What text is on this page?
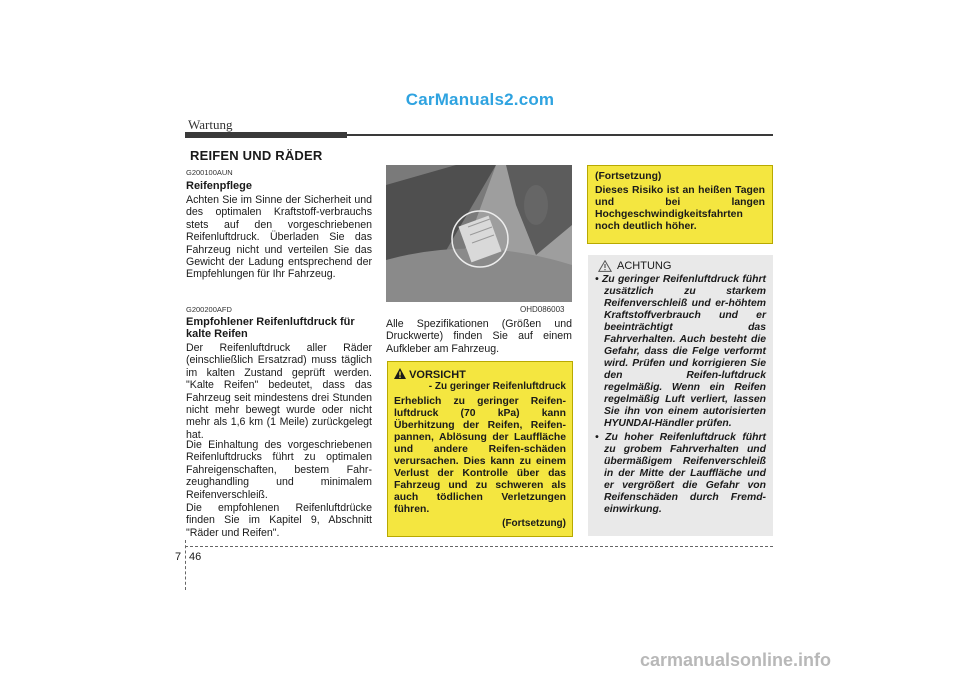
CarManuals2.com
Wartung
REIFEN UND RÄDER
G200100AUN
Reifenpflege
Achten Sie im Sinne der Sicherheit und des optimalen Kraftstoff-verbrauchs stets auf den vorgeschriebenen Reifenluftdruck. Überladen Sie das Fahrzeug nicht und verteilen Sie das Gewicht der Ladung entsprechend der Empfehlungen für Ihr Fahrzeug.
G200200AFD
Empfohlener Reifenluftdruck für kalte Reifen
Der Reifenluftdruck aller Räder (einschließlich Ersatzrad) muss täglich im kalten Zustand geprüft werden. "Kalte Reifen" bedeutet, dass das Fahrzeug seit mindestens drei Stunden nicht mehr bewegt wurde oder nicht mehr als 1,6 km (1 Meile) zurückgelegt hat.
Die Einhaltung des vorgeschriebenen Reifenluftdrucks führt zu optimalen Fahreigenschaften, bestem Fahr-zeughandling und minimalem Reifenverschleiß.
Die empfohlenen Reifenluftdrücke finden Sie im Kapitel 9, Abschnitt "Räder und Reifen".
OHD086003
Alle Spezifikationen (Größen und Druckwerte) finden Sie auf einem Aufkleber am Fahrzeug.
VORSICHT
- Zu geringer Reifenluftdruck
Erheblich zu geringer Reifen-luftdruck (70 kPa) kann Überhitzung der Reifen, Reifen-pannen, Ablösung der Lauffläche und andere Reifen-schäden verursachen. Dies kann zu einem Verlust der Kontrolle über das Fahrzeug und zu schweren als auch tödlichen Verletzungen führen.
(Fortsetzung)
(Fortsetzung)
Dieses Risiko ist an heißen Tagen und bei langen Hochgeschwindigkeitsfahrten noch deutlich höher.
ACHTUNG
• Zu geringer Reifenluftdruck führt zusätzlich zu starkem Reifenverschleiß und er-höhtem Kraftstoffverbrauch und er beeinträchtigt das Fahrverhalten. Auch besteht die Gefahr, dass die Felge verformt wird. Prüfen und korrigieren Sie den Reifen-luftdruck regelmäßig. Wenn ein Reifen regelmäßig Luft verliert, lassen Sie ihn von einem autorisierten HYUNDAI-Händler prüfen.
• Zu hoher Reifenluftdruck führt zu grobem Fahrverhalten und übermäßigem Reifenverschleiß in der Mitte der Lauffläche und er vergrößert die Gefahr von Reifenschäden durch Fremd-einwirkung.
7 46
carmanualsonline.info
